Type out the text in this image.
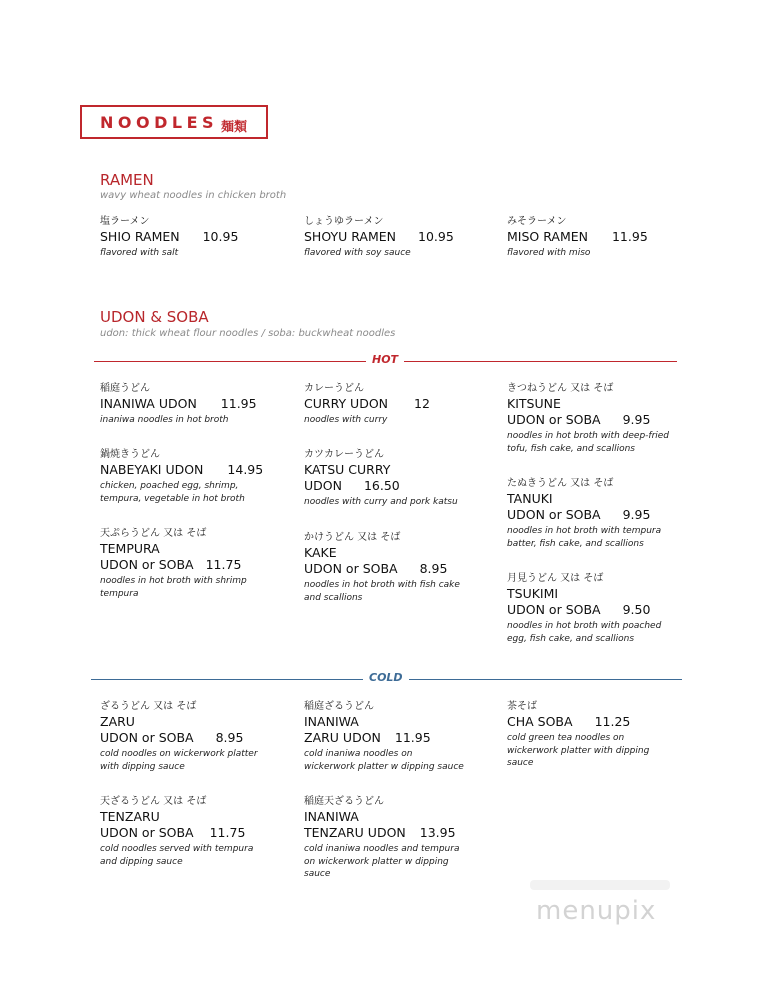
NOODLES 麺類
RAMEN
wavy wheat noodles in chicken broth
塩ラーメン
SHIO RAMEN 10.95
flavored with salt
しょうゆラーメン
SHOYU RAMEN 10.95
flavored with soy sauce
みそラーメン
MISO RAMEN 11.95
flavored with miso
UDON & SOBA
udon: thick wheat flour noodles / soba: buckwheat noodles
HOT
稲庭うどん
INANIWA UDON 11.95
inaniwa noodles in hot broth
鍋焼きうどん
NABEYAKI UDON 14.95
chicken, poached egg, shrimp,
tempura, vegetable in hot broth
天ぷらうどん 又は そば
TEMPURA
UDON or SOBA 11.75
noodles in hot broth with shrimp
tempura
カレーうどん
CURRY UDON 12
noodles with curry
カツカレーうどん
KATSU CURRY
UDON 16.50
noodles with curry and pork katsu
かけうどん 又は そば
KAKE
UDON or SOBA 8.95
noodles in hot broth with fish cake
and scallions
きつねうどん 又は そば
KITSUNE
UDON or SOBA 9.95
noodles in hot broth with deep-fried
tofu, fish cake, and scallions
たぬきうどん 又は そば
TANUKI
UDON or SOBA 9.95
noodles in hot broth with tempura
batter, fish cake, and scallions
月見うどん 又は そば
TSUKIMI
UDON or SOBA 9.50
noodles in hot broth with poached
egg, fish cake, and scallions
COLD
ざるうどん 又は そば
ZARU
UDON or SOBA 8.95
cold noodles on wickerwork platter
with dipping sauce
天ざるうどん 又は そば
TENZARU
UDON or SOBA 11.75
cold noodles served with tempura
and dipping sauce
稲庭ざるうどん
INANIWA
ZARU UDON 11.95
cold inaniwa noodles on
wickerwork platter w dipping sauce
稲庭天ざるうどん
INANIWA
TENZARU UDON 13.95
cold inaniwa noodles and tempura
on wickerwork platter w dipping
sauce
茶そば
CHA SOBA 11.25
cold green tea noodles on
wickerwork platter with dipping
sauce
menupix
